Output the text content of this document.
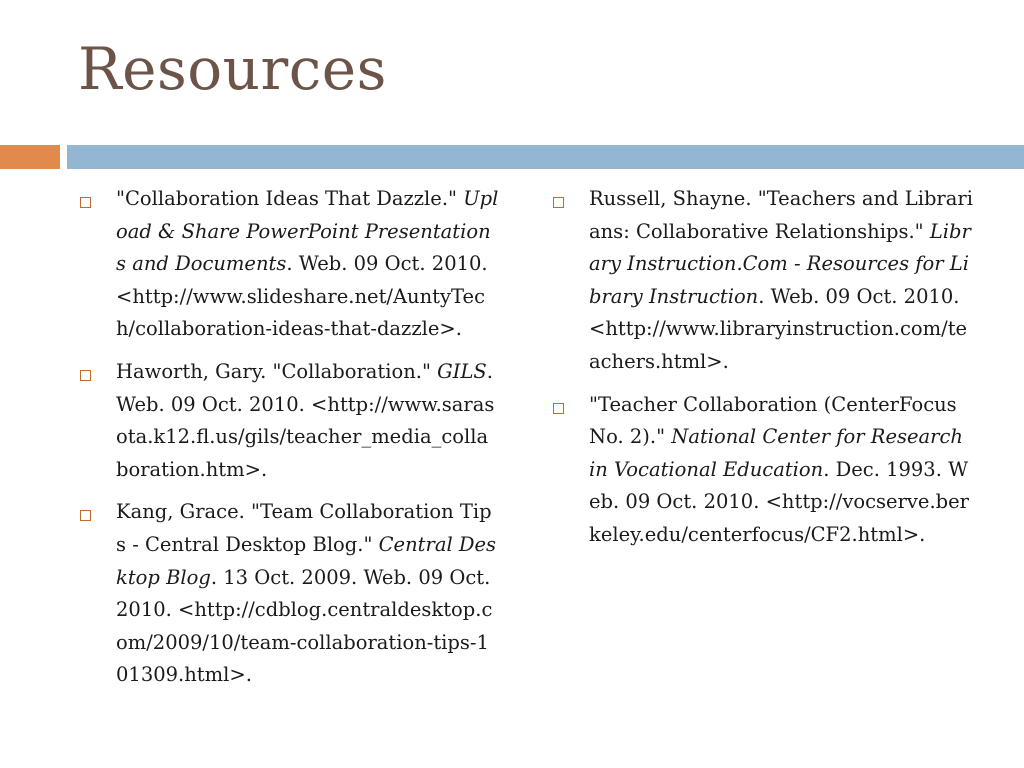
Resources
"Collaboration Ideas That Dazzle." Upload & Share PowerPoint Presentations and Documents. Web. 09 Oct. 2010. <http://www.slideshare.net/AuntyTech/collaboration-ideas-that-dazzle>.
Haworth, Gary. "Collaboration." GILS. Web. 09 Oct. 2010. <http://www.sarasota.k12.fl.us/gils/teacher_media_collaboration.htm>.
Kang, Grace. "Team Collaboration Tips - Central Desktop Blog." Central Desktop Blog. 13 Oct. 2009. Web. 09 Oct. 2010. <http://cdblog.centraldesktop.com/2009/10/team-collaboration-tips-101309.html>.
Russell, Shayne. "Teachers and Librarians: Collaborative Relationships." Library Instruction.Com - Resources for Library Instruction. Web. 09 Oct. 2010. <http://www.libraryinstruction.com/teachers.html>.
"Teacher Collaboration (CenterFocus No. 2)." National Center for Research in Vocational Education. Dec. 1993. Web. 09 Oct. 2010. <http://vocserve.berkeley.edu/centerfocus/CF2.html>.
